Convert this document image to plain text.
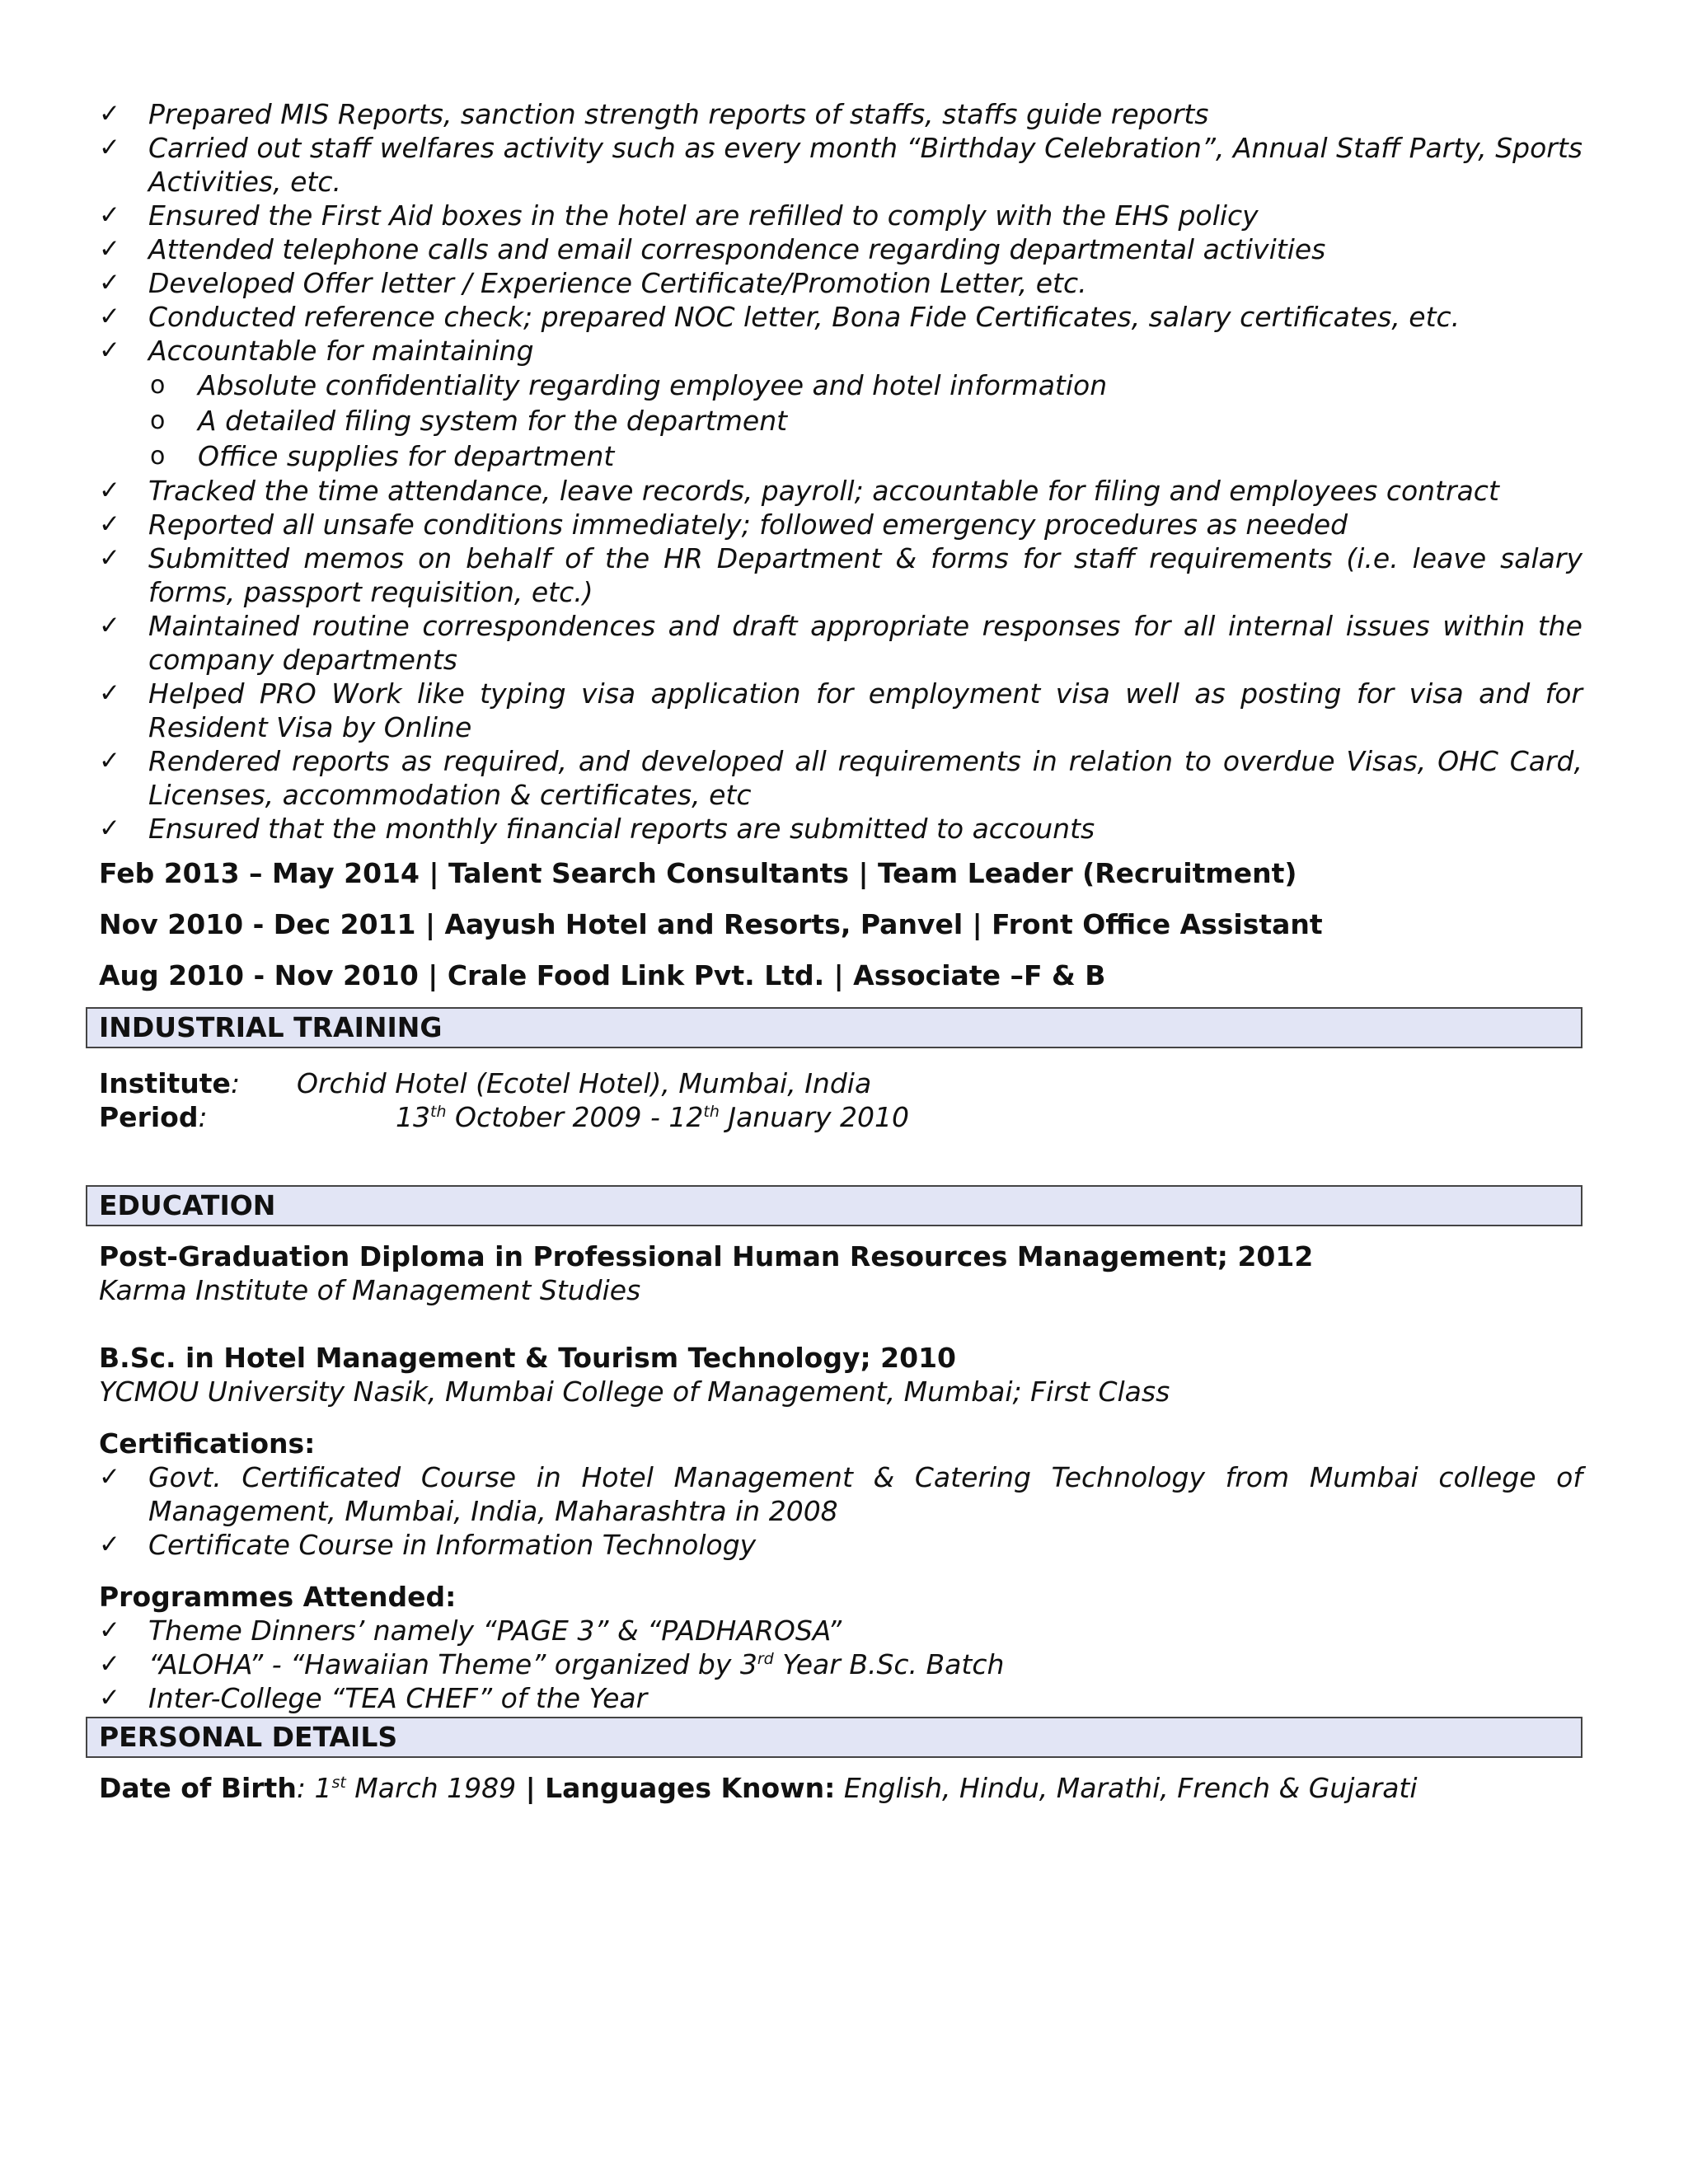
✓ Prepared MIS Reports, sanction strength reports of staffs, staffs guide reports
✓ Carried out staff welfares activity such as every month “Birthday Celebration”, Annual Staff Party, Sports Activities, etc.
✓ Ensured the First Aid boxes in the hotel are refilled to comply with the EHS policy
✓ Attended telephone calls and email correspondence regarding departmental activities
✓ Developed Offer letter / Experience Certificate/Promotion Letter, etc.
✓ Conducted reference check; prepared NOC letter, Bona Fide Certificates, salary certificates, etc.
✓ Accountable for maintaining
o Absolute confidentiality regarding employee and hotel information
o A detailed filing system for the department
o Office supplies for department
✓ Tracked the time attendance, leave records, payroll; accountable for filing and employees contract
✓ Reported all unsafe conditions immediately; followed emergency procedures as needed
✓ Submitted memos on behalf of the HR Department & forms for staff requirements (i.e. leave salary forms, passport requisition, etc.)
✓ Maintained routine correspondences and draft appropriate responses for all internal issues within the company departments
✓ Helped PRO Work like typing visa application for employment visa well as posting for visa and for Resident Visa by Online
✓ Rendered reports as required, and developed all requirements in relation to overdue Visas, OHC Card, Licenses, accommodation & certificates, etc
✓ Ensured that the monthly financial reports are submitted to accounts
Feb 2013 – May 2014 | Talent Search Consultants | Team Leader (Recruitment)
Nov 2010 - Dec 2011 | Aayush Hotel and Resorts, Panvel | Front Office Assistant
Aug 2010 - Nov 2010 | Crale Food Link Pvt. Ltd. | Associate –F & B
INDUSTRIAL TRAINING
Institute: Orchid Hotel (Ecotel Hotel), Mumbai, India
Period:	13th October 2009 - 12th January 2010
EDUCATION
Post-Graduation Diploma in Professional Human Resources Management; 2012
Karma Institute of Management Studies
B.Sc. in Hotel Management & Tourism Technology; 2010
YCMOU University Nasik, Mumbai College of Management, Mumbai; First Class
Certifications:
✓ Govt. Certificated Course in Hotel Management & Catering Technology from Mumbai college of Management, Mumbai, India, Maharashtra in 2008
✓ Certificate Course in Information Technology
Programmes Attended:
✓ Theme Dinners’ namely “PAGE 3” & “PADHAROSA”
✓ “ALOHA” - “Hawaiian Theme” organized by 3rd Year B.Sc. Batch
✓ Inter-College “TEA CHEF” of the Year
PERSONAL DETAILS
Date of Birth: 1st March 1989 | Languages Known: English, Hindu, Marathi, French & Gujarati
